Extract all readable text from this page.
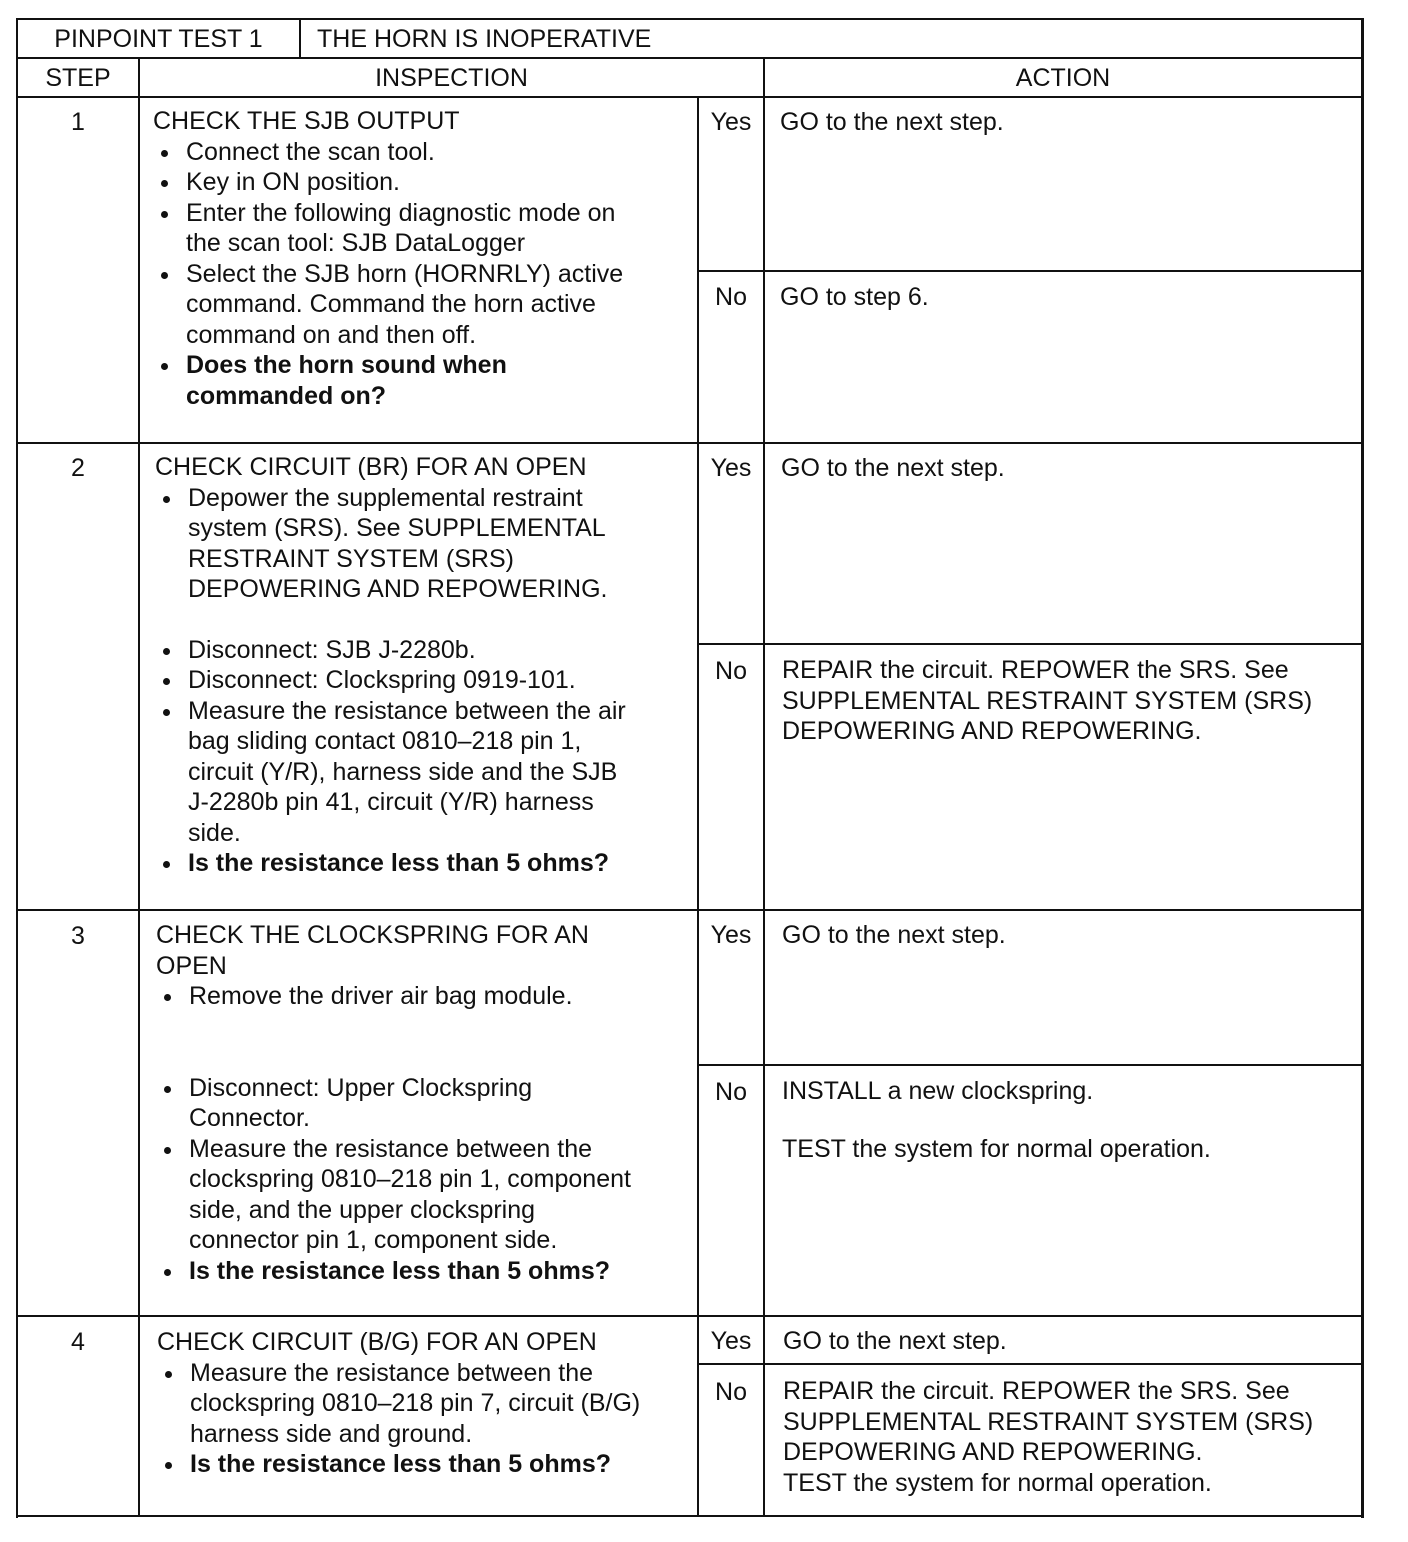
PINPOINT TEST 1	THE HORN IS INOPERATIVE
STEP	INSPECTION	ACTION
1	CHECK THE SJB OUTPUT
Connect the scan tool.
Key in ON position.
Enter the following diagnostic mode on
the scan tool: SJB DataLogger
Select the SJB horn (HORNRLY) active
command. Command the horn active
command on and then off.
Does the horn sound when
commanded on?
Yes	GO to the next step.
No	GO to step 6.
2	CHECK CIRCUIT (BR) FOR AN OPEN
Depower the supplemental restraint
system (SRS). See SUPPLEMENTAL
RESTRAINT SYSTEM (SRS)
DEPOWERING AND REPOWERING.
Disconnect: SJB J-2280b.
Disconnect: Clockspring 0919-101.
Measure the resistance between the air
bag sliding contact 0810–218 pin 1,
circuit (Y/R), harness side and the SJB
J-2280b pin 41, circuit (Y/R) harness
side.
Is the resistance less than 5 ohms?
Yes	GO to the next step.
No	REPAIR the circuit. REPOWER the SRS. See
SUPPLEMENTAL RESTRAINT SYSTEM (SRS)
DEPOWERING AND REPOWERING.
3	CHECK THE CLOCKSPRING FOR AN
OPEN
Remove the driver air bag module.
Disconnect: Upper Clockspring
Connector.
Measure the resistance between the
clockspring 0810–218 pin 1, component
side, and the upper clockspring
connector pin 1, component side.
Is the resistance less than 5 ohms?
Yes	GO to the next step.
No	INSTALL a new clockspring.
TEST the system for normal operation.
4	CHECK CIRCUIT (B/G) FOR AN OPEN
Measure the resistance between the
clockspring 0810–218 pin 7, circuit (B/G)
harness side and ground.
Is the resistance less than 5 ohms?
Yes	GO to the next step.
No	REPAIR the circuit. REPOWER the SRS. See
SUPPLEMENTAL RESTRAINT SYSTEM (SRS)
DEPOWERING AND REPOWERING.
TEST the system for normal operation.
